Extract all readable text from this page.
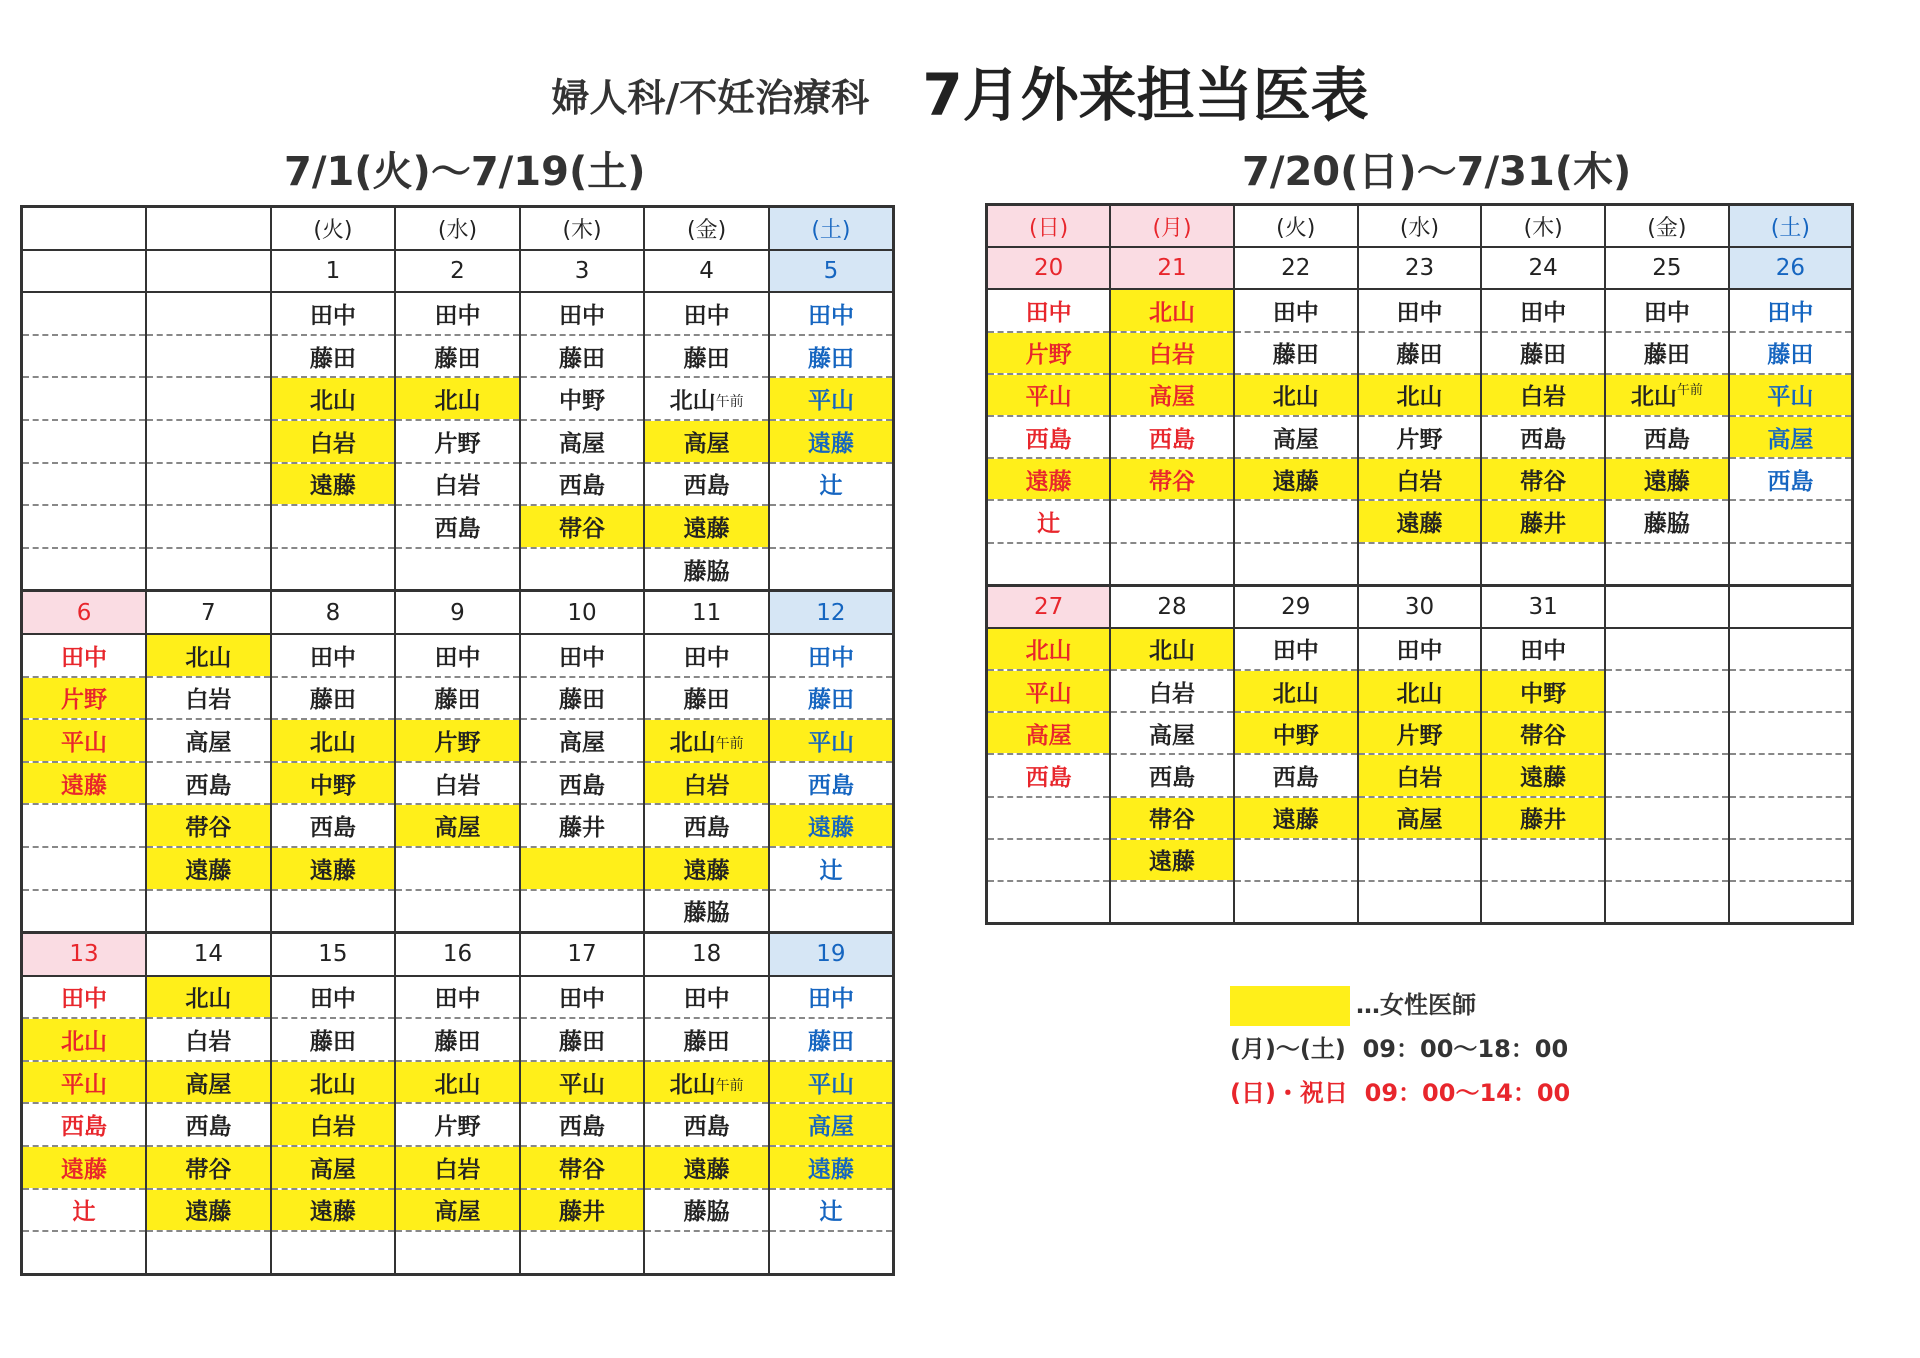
婦人科/不妊治療科 7月外来担当医表
7/1(火)～7/19(土)	7/20(日)～7/31(木)
		(火)	(水)	(木)	(金)	(土)
		1	2	3	4	5
		田中	田中	田中	田中	田中
		藤田	藤田	藤田	藤田	藤田
		北山	北山	中野	北山午前	平山
		白岩	片野	高屋	高屋	遠藤
		遠藤	白岩	西島	西島	辻
			西島	帯谷	遠藤	
					藤脇	
6	7	8	9	10	11	12
田中	北山	田中	田中	田中	田中	田中
片野	白岩	藤田	藤田	藤田	藤田	藤田
平山	高屋	北山	片野	高屋	北山午前	平山
遠藤	西島	中野	白岩	西島	白岩	西島
	帯谷	西島	高屋	藤井	西島	遠藤
	遠藤	遠藤			遠藤	辻
					藤脇	
13	14	15	16	17	18	19
田中	北山	田中	田中	田中	田中	田中
北山	白岩	藤田	藤田	藤田	藤田	藤田
平山	高屋	北山	北山	平山	北山午前	平山
西島	西島	白岩	片野	西島	西島	高屋
遠藤	帯谷	高屋	白岩	帯谷	遠藤	遠藤
辻	遠藤	遠藤	高屋	藤井	藤脇	辻

(日)	(月)	(火)	(水)	(木)	(金)	(土)
20	21	22	23	24	25	26
田中	北山	田中	田中	田中	田中	田中
片野	白岩	藤田	藤田	藤田	藤田	藤田
平山	高屋	北山	北山	白岩	北山$^{午前}$	平山
西島	西島	高屋	片野	西島	西島	高屋
遠藤	帯谷	遠藤	白岩	帯谷	遠藤	西島
辻			遠藤	藤井	藤脇	

27	28	29	30	31		
北山	北山	田中	田中	田中		
平山	白岩	北山	北山	中野		
高屋	高屋	中野	片野	帯谷		
西島	西島	西島	白岩	遠藤		
	帯谷	遠藤	高屋	藤井		
	遠藤					

…女性医師
(月)～(土) 09：00～18：00
(日)・祝日 09：00～14：00
